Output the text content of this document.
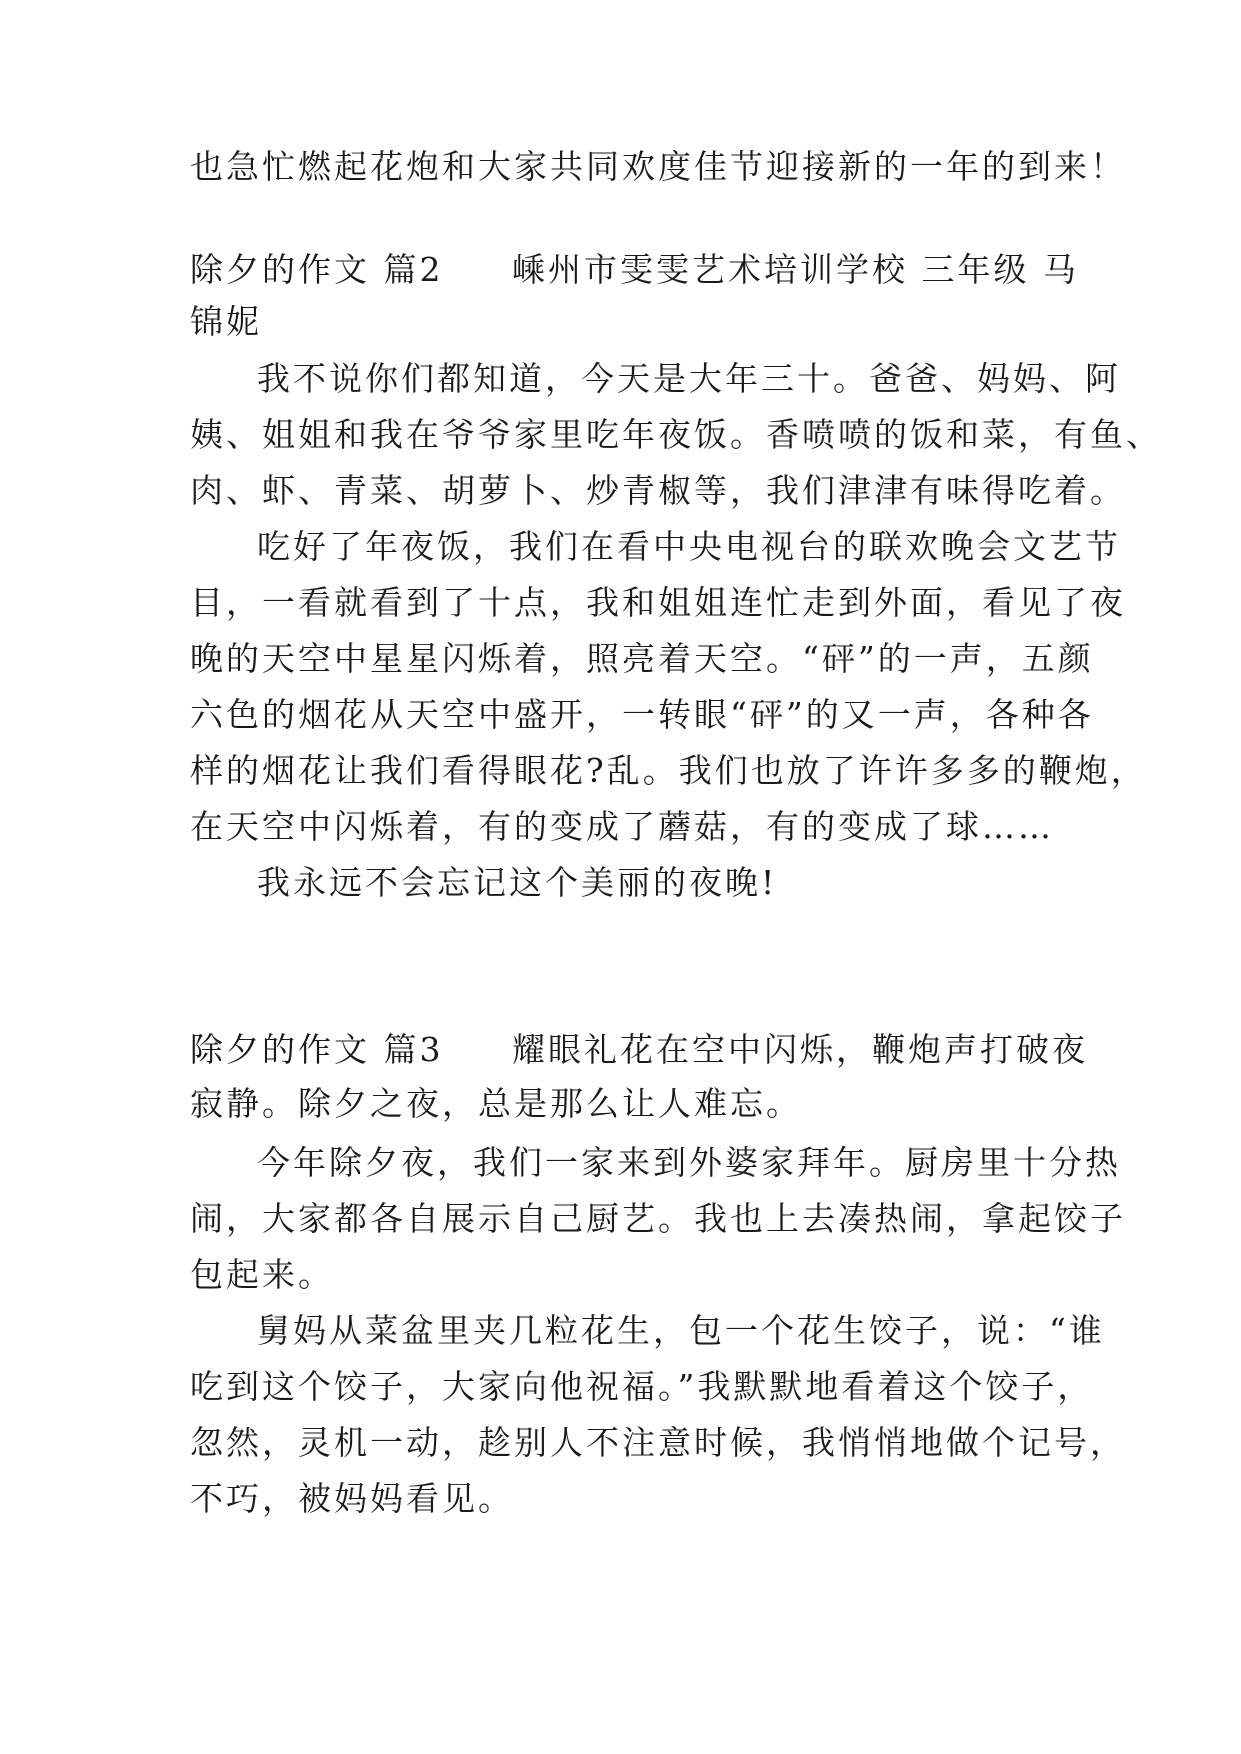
也急忙燃起花炮和大家共同欢度佳节迎接新的一年的到来！
除夕的作文 篇2	嵊州市雯雯艺术培训学校 三年级 马
锦妮
我不说你们都知道，今天是大年三十。爸爸、妈妈、阿
姨、姐姐和我在爷爷家里吃年夜饭。香喷喷的饭和菜，有鱼、
肉、虾、青菜、胡萝卜、炒青椒等，我们津津有味得吃着。
吃好了年夜饭，我们在看中央电视台的联欢晚会文艺节
目，一看就看到了十点，我和姐姐连忙走到外面，看见了夜
晚的天空中星星闪烁着，照亮着天空。“砰”的一声，五颜
六色的烟花从天空中盛开，一转眼“砰”的又一声，各种各
样的烟花让我们看得眼花?乱。我们也放了许许多多的鞭炮，
在天空中闪烁着，有的变成了蘑菇，有的变成了球……
我永远不会忘记这个美丽的夜晚!
除夕的作文 篇3	耀眼礼花在空中闪烁，鞭炮声打破夜
寂静。除夕之夜，总是那么让人难忘。
今年除夕夜，我们一家来到外婆家拜年。厨房里十分热
闹，大家都各自展示自己厨艺。我也上去凑热闹，拿起饺子
包起来。
舅妈从菜盆里夹几粒花生，包一个花生饺子，说：“谁
吃到这个饺子，大家向他祝福。”我默默地看着这个饺子，
忽然，灵机一动，趁别人不注意时候，我悄悄地做个记号，
不巧，被妈妈看见。
